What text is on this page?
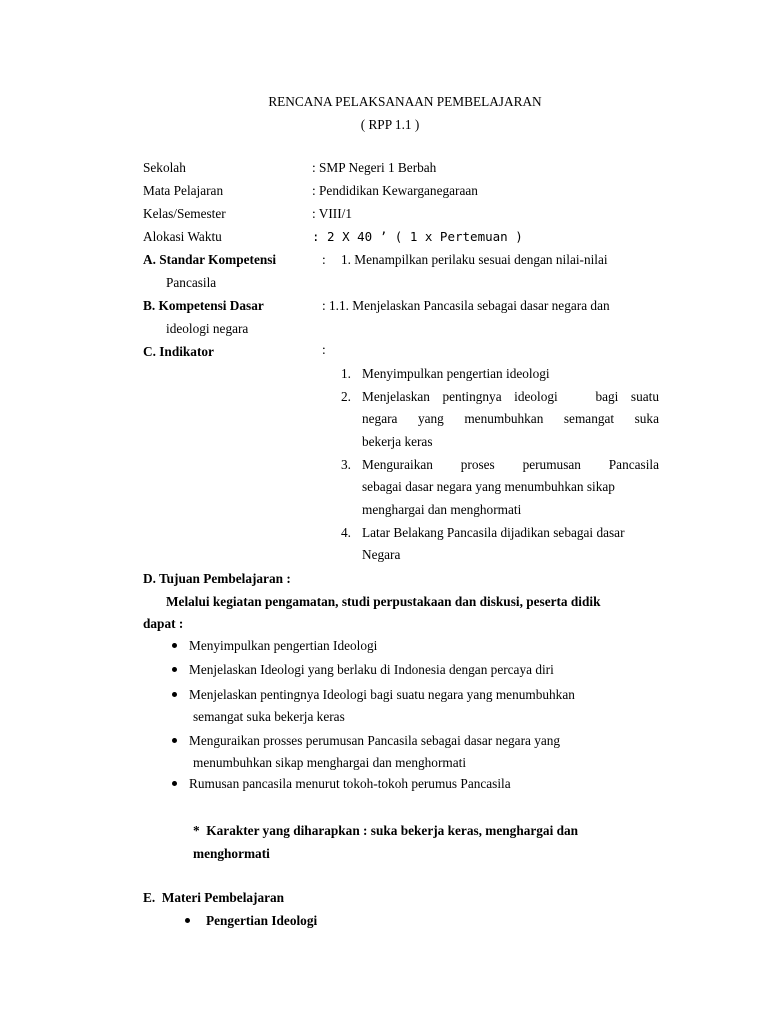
RENCANA PELAKSANAAN PEMBELAJARAN
( RPP 1.1 )
Sekolah	: SMP Negeri 1 Berbah
Mata Pelajaran	: Pendidikan Kewarganegaraan
Kelas/Semester	: VIII/1
Alokasi Waktu	: 2 X 40 ’ ( 1 x Pertemuan )
A. Standar Kompetensi	: 1. Menampilkan perilaku sesuai dengan nilai-nilai
Pancasila
B. Kompetensi Dasar	: 1.1. Menjelaskan Pancasila sebagai dasar negara dan
ideologi negara
C. Indikator	:
1. Menyimpulkan pengertian ideologi
2. Menjelaskan pentingnya ideologi   bagi suatu
negara yang menumbuhkan semangat suka
bekerja keras
3. Menguraikan proses perumusan Pancasila
sebagai dasar negara yang menumbuhkan sikap
menghargai dan menghormati
4. Latar Belakang Pancasila dijadikan sebagai dasar
Negara
D. Tujuan Pembelajaran :
Melalui kegiatan pengamatan, studi perpustakaan dan diskusi, peserta didik
dapat :
Menyimpulkan pengertian Ideologi
Menjelaskan Ideologi yang berlaku di Indonesia dengan percaya diri
Menjelaskan pentingnya Ideologi bagi suatu negara yang menumbuhkan
semangat suka bekerja keras
Menguraikan prosses perumusan Pancasila sebagai dasar negara yang
menumbuhkan sikap menghargai dan menghormati
Rumusan pancasila menurut tokoh-tokoh perumus Pancasila
*  Karakter yang diharapkan : suka bekerja keras, menghargai dan
menghormati
E.  Materi Pembelajaran
Pengertian Ideologi
